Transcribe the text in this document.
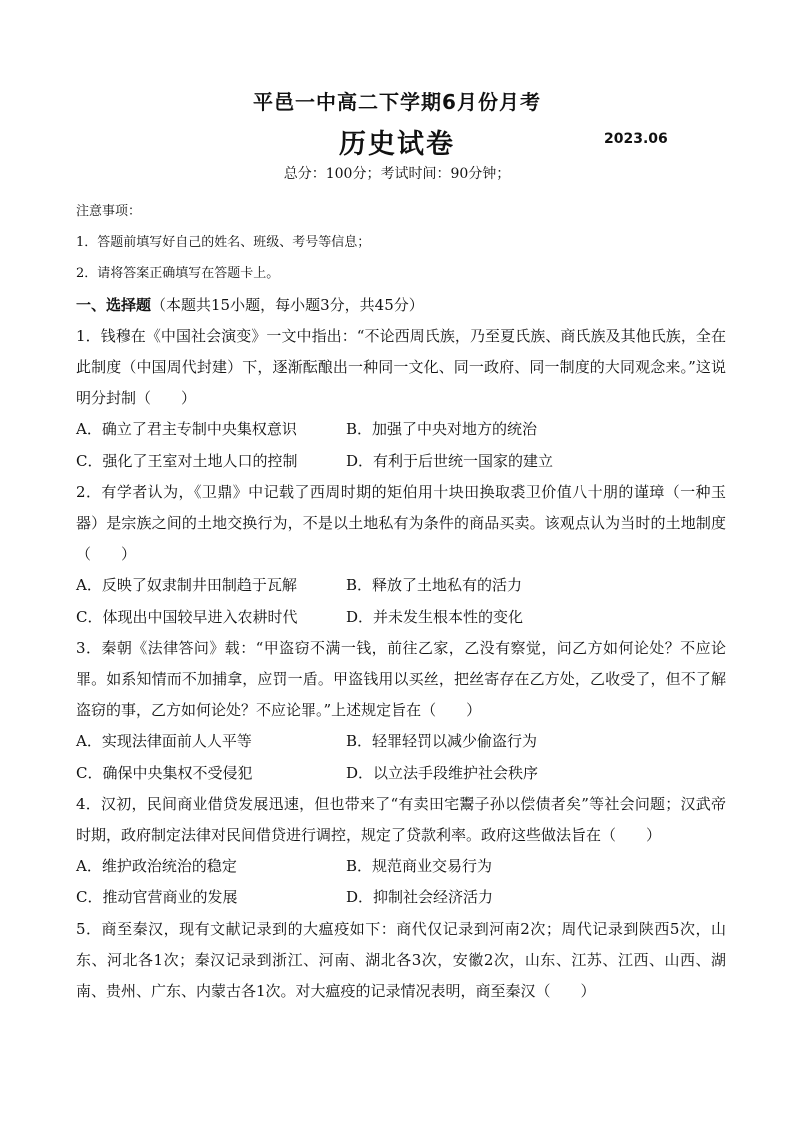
平邑一中高二下学期6月份月考
历史试卷	2023.06
总分：100分；考试时间：90分钟；
注意事项：
1．答题前填写好自己的姓名、班级、考号等信息；
2．请将答案正确填写在答题卡上。
一、选择题（本题共15小题，每小题3分，共45分）
1．钱穆在《中国社会演变》一文中指出：“不论西周氏族，乃至夏氏族、商氏族及其他氏族，全在此制度（中国周代封建）下，逐渐酝酿出一种同一文化、同一政府、同一制度的大同观念来。”这说明分封制（　　）
A．确立了君主专制中央集权意识	B．加强了中央对地方的统治
C．强化了王室对土地人口的控制	D．有利于后世统一国家的建立
2．有学者认为，《卫鼎》中记载了西周时期的矩伯用十块田换取裘卫价值八十朋的谨璋（一种玉器）是宗族之间的土地交换行为，不是以土地私有为条件的商品买卖。该观点认为当时的土地制度（　　）
A．反映了奴隶制井田制趋于瓦解	B．释放了土地私有的活力
C．体现出中国较早进入农耕时代	D．并未发生根本性的变化
3．秦朝《法律答问》载：“甲盗窃不满一钱，前往乙家，乙没有察觉，问乙方如何论处？不应论罪。如系知情而不加捕拿，应罚一盾。甲盗钱用以买丝，把丝寄存在乙方处，乙收受了，但不了解盗窃的事，乙方如何论处？不应论罪。”上述规定旨在（　　）
A．实现法律面前人人平等	B．轻罪轻罚以减少偷盗行为
C．确保中央集权不受侵犯	D．以立法手段维护社会秩序
4．汉初，民间商业借贷发展迅速，但也带来了“有卖田宅鬻子孙以偿债者矣”等社会问题；汉武帝时期，政府制定法律对民间借贷进行调控，规定了贷款利率。政府这些做法旨在（　　）
A．维护政治统治的稳定	B．规范商业交易行为
C．推动官营商业的发展	D．抑制社会经济活力
5．商至秦汉，现有文献记录到的大瘟疫如下：商代仅记录到河南2次；周代记录到陕西5次，山东、河北各1次；秦汉记录到浙江、河南、湖北各3次，安徽2次，山东、江苏、江西、山西、湖南、贵州、广东、内蒙古各1次。对大瘟疫的记录情况表明，商至秦汉（　　）
